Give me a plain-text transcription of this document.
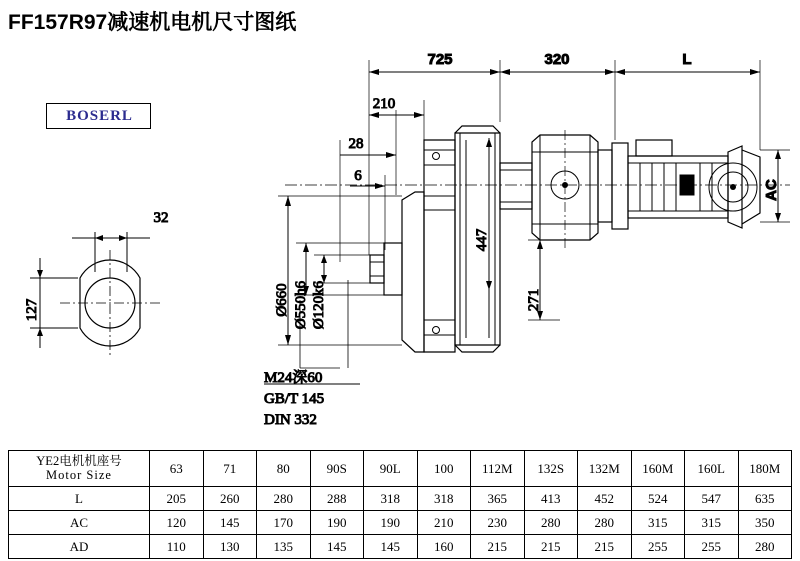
FF157R97减速机电机尺寸图纸
BOSERL
32
127
725	320	L
210
28
6
Ø660 Ø550h6 Ø120k6
447
271
AC
M24深60
GB/T 145
DIN 332
YE2电机机座号
Motor Size	63	71	80	90S	90L	100	112M	132S	132M	160M	160L	180M
L	205	260	280	288	318	318	365	413	452	524	547	635
AC	120	145	170	190	190	210	230	280	280	315	315	350
AD	110	130	135	145	145	160	215	215	215	255	255	280
